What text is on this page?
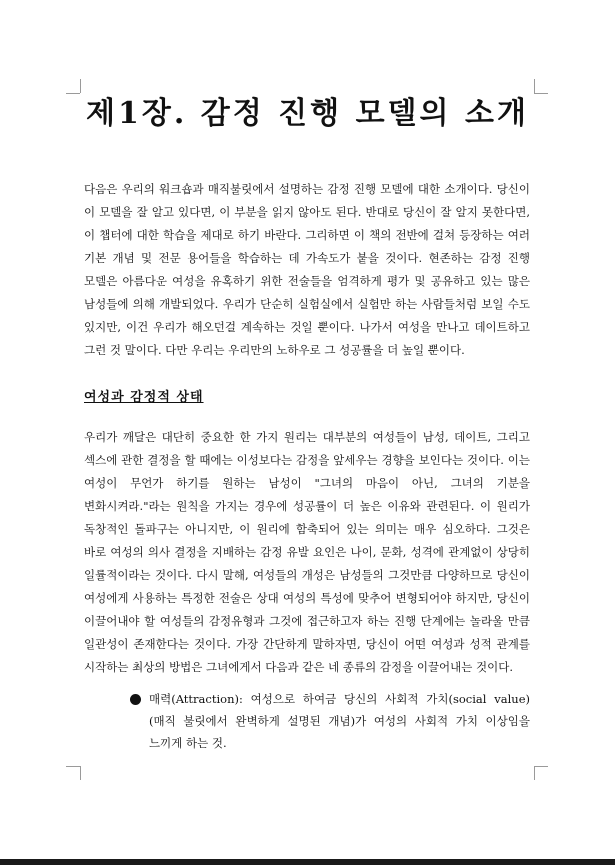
제1장. 감정 진행 모델의 소개
다음은 우리의 워크숍과 매직불릿에서 설명하는 감정 진행 모델에 대한 소개이다. 당신이 이 모델을 잘 알고 있다면, 이 부분을 읽지 않아도 된다. 반대로 당신이 잘 알지 못한다면, 이 챕터에 대한 학습을 제대로 하기 바란다. 그리하면 이 책의 전반에 걸쳐 등장하는 여러 기본 개념 및 전문 용어들을 학습하는 데 가속도가 붙을 것이다. 현존하는 감정 진행 모델은 아름다운 여성을 유혹하기 위한 전술들을 엄격하게 평가 및 공유하고 있는 많은 남성들에 의해 개발되었다. 우리가 단순히 실험실에서 실험만 하는 사람들처럼 보일 수도 있지만, 이건 우리가 해오던걸 계속하는 것일 뿐이다. 나가서 여성을 만나고 데이트하고 그런 것 말이다. 다만 우리는 우리만의 노하우로 그 성공률을 더 높일 뿐이다.
여성과 감정적 상태
우리가 깨달은 대단히 중요한 한 가지 원리는 대부분의 여성들이 남성, 데이트, 그리고 섹스에 관한 결정을 할 때에는 이성보다는 감정을 앞세우는 경향을 보인다는 것이다. 이는 여성이 무언가 하기를 원하는 남성이 "그녀의 마음이 아닌, 그녀의 기분을 변화시켜라."라는 원칙을 가지는 경우에 성공률이 더 높은 이유와 관련된다. 이 원리가 독창적인 돌파구는 아니지만, 이 원리에 함축되어 있는 의미는 매우 심오하다. 그것은 바로 여성의 의사 결정을 지배하는 감정 유발 요인은 나이, 문화, 성격에 관계없이 상당히 일률적이라는 것이다. 다시 말해, 여성들의 개성은 남성들의 그것만큼 다양하므로 당신이 여성에게 사용하는 특정한 전술은 상대 여성의 특성에 맞추어 변형되어야 하지만, 당신이 이끌어내야 할 여성들의 감정유형과 그것에 접근하고자 하는 진행 단계에는 놀라울 만큼 일관성이 존재한다는 것이다. 가장 간단하게 말하자면, 당신이 어떤 여성과 성적 관계를 시작하는 최상의 방법은 그녀에게서 다음과 같은 네 종류의 감정을 이끌어내는 것이다.
매력(Attraction): 여성으로 하여금 당신의 사회적 가치(social value)(매직 불릿에서 완벽하게 설명된 개념)가 여성의 사회적 가치 이상임을 느끼게 하는 것.
